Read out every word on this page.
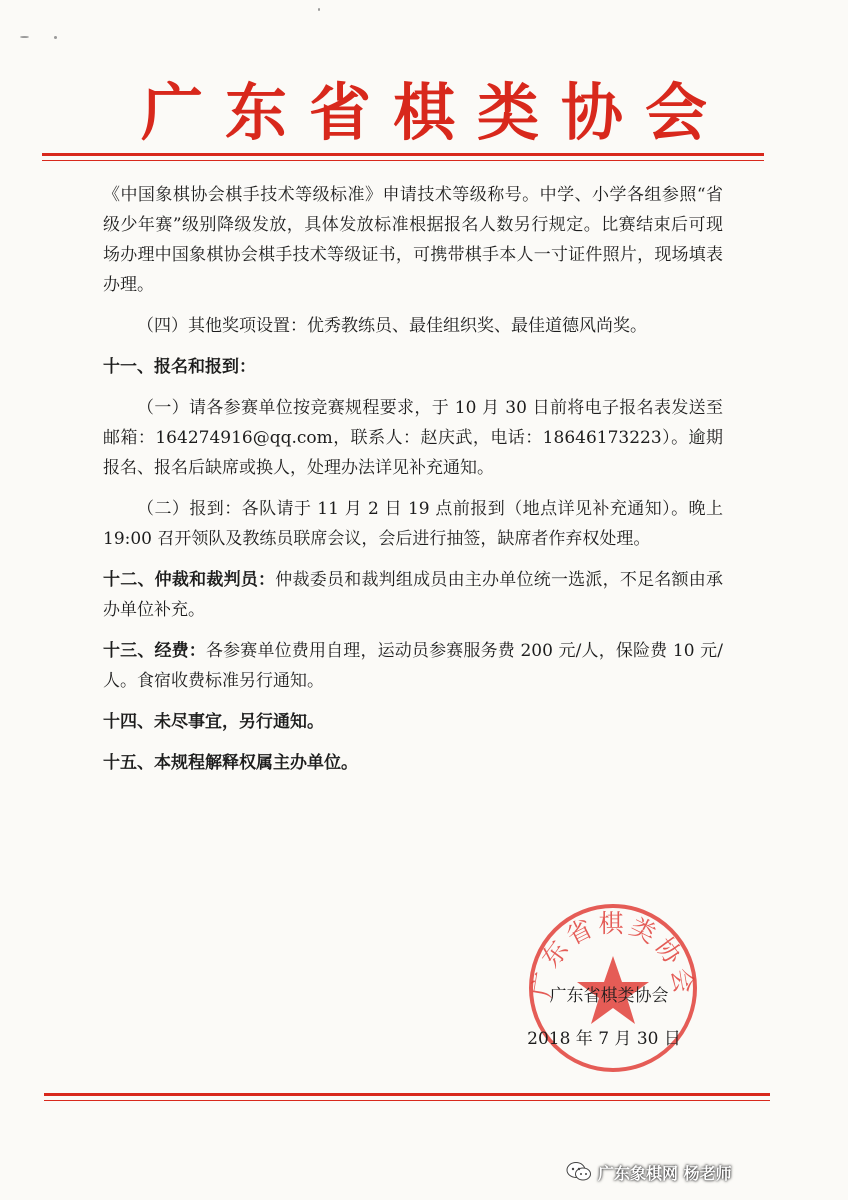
广东省棋类协会

《中国象棋协会棋手技术等级标准》申请技术等级称号。中学、小学各组参照“省级少年赛”级别降级发放，具体发放标准根据报名人数另行规定。比赛结束后可现场办理中国象棋协会棋手技术等级证书，可携带棋手本人一寸证件照片，现场填表办理。

（四）其他奖项设置：优秀教练员、最佳组织奖、最佳道德风尚奖。

十一、报名和报到：

（一）请各参赛单位按竞赛规程要求，于 10 月 30 日前将电子报名表发送至邮箱：164274916@qq.com，联系人：赵庆武，电话：18646173223）。逾期报名、报名后缺席或换人，处理办法详见补充通知。

（二）报到：各队请于 11 月 2 日 19 点前报到（地点详见补充通知）。晚上 19:00 召开领队及教练员联席会议，会后进行抽签，缺席者作弃权处理。

十二、仲裁和裁判员：仲裁委员和裁判组成员由主办单位统一选派，不足名额由承办单位补充。

十三、经费：各参赛单位费用自理，运动员参赛服务费 200 元/人，保险费 10 元/人。食宿收费标准另行通知。

十四、未尽事宜，另行通知。

十五、本规程解释权属主办单位。

广东省棋类协会
广东省棋类协会
2018 年 7 月 30 日
广东象棋网 杨老师
